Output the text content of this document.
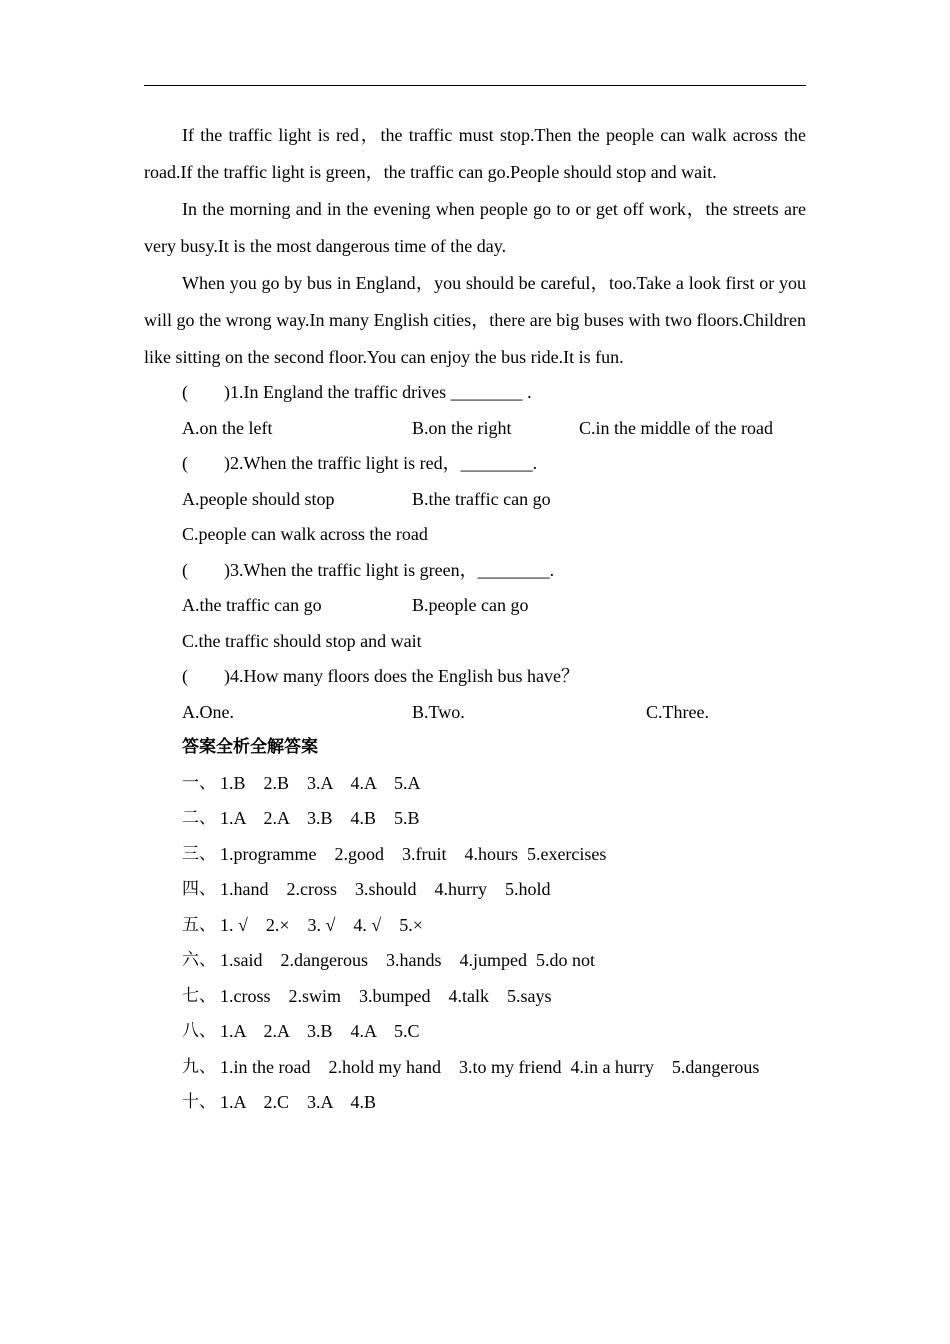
If the traffic light is red，the traffic must stop.Then the people can walk across the road.If the traffic light is green，the traffic can go.People should stop and wait.

In the morning and in the evening when people go to or get off work，the streets are very busy.It is the most dangerous time of the day.

When you go by bus in England，you should be careful，too.Take a look first or you will go the wrong way.In many English cities，there are big buses with two floors.Children like sitting on the second floor.You can enjoy the bus ride.It is fun.

(        )1.In England the traffic drives ________ .
A.on the left	B.on the right	C.in the middle of the road
(        )2.When the traffic light is red，________.
A.people should stop	B.the traffic can go
C.people can walk across the road
(        )3.When the traffic light is green，________.
A.the traffic can go	B.people can go
C.the traffic should stop and wait
(        )4.How many floors does the English bus have？
A.One.	B.Two.	C.Three.
答案全析全解答案
一、 1.B    2.B    3.A    4.A    5.A
二、 1.A    2.A    3.B    4.B    5.B
三、 1.programme    2.good    3.fruit    4.hours  5.exercises
四、 1.hand    2.cross    3.should    4.hurry    5.hold
五、 1. √    2.×    3. √    4. √    5.×
六、 1.said    2.dangerous    3.hands    4.jumped  5.do not
七、 1.cross    2.swim    3.bumped    4.talk    5.says
八、 1.A    2.A    3.B    4.A    5.C
九、 1.in the road    2.hold my hand    3.to my friend  4.in a hurry    5.dangerous
十、 1.A    2.C    3.A    4.B
